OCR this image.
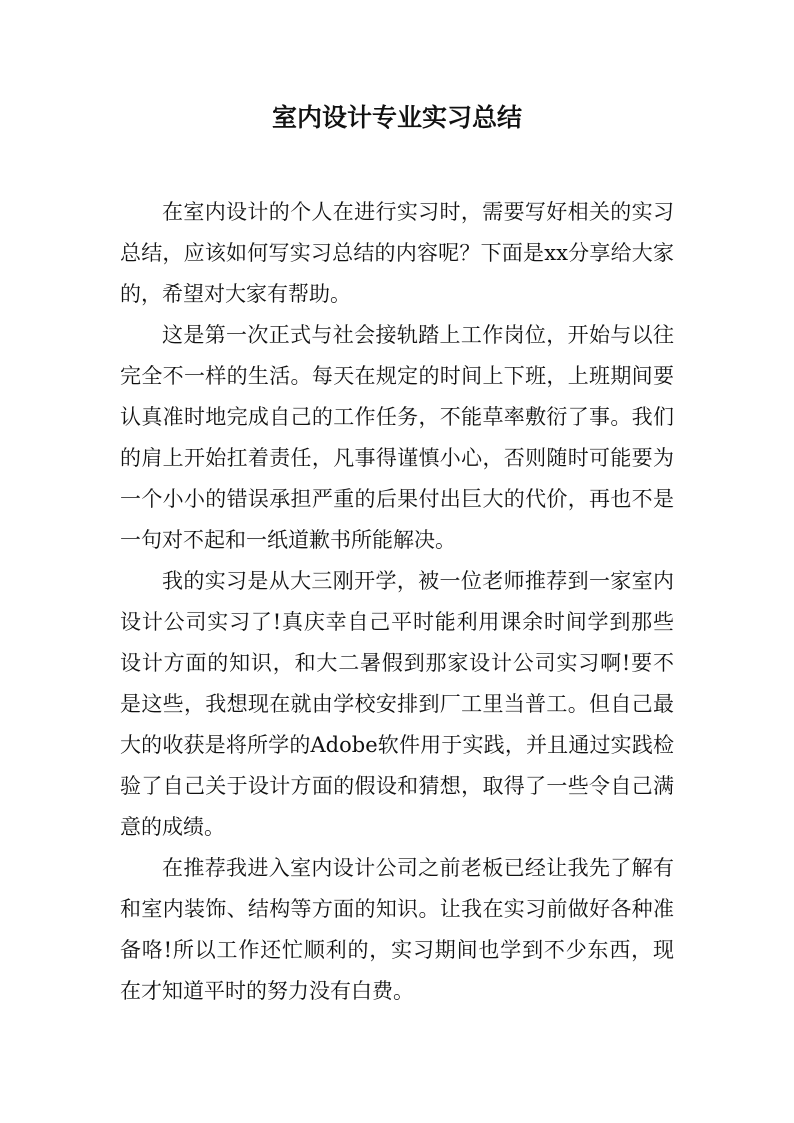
室内设计专业实习总结

在室内设计的个人在进行实习时，需要写好相关的实习总结，应该如何写实习总结的内容呢？下面是xx分享给大家的，希望对大家有帮助。

这是第一次正式与社会接轨踏上工作岗位，开始与以往完全不一样的生活。每天在规定的时间上下班，上班期间要认真准时地完成自己的工作任务，不能草率敷衍了事。我们的肩上开始扛着责任，凡事得谨慎小心，否则随时可能要为一个小小的错误承担严重的后果付出巨大的代价，再也不是一句对不起和一纸道歉书所能解决。

我的实习是从大三刚开学，被一位老师推荐到一家室内设计公司实习了!真庆幸自己平时能利用课余时间学到那些设计方面的知识，和大二暑假到那家设计公司实习啊!要不是这些，我想现在就由学校安排到厂工里当普工。但自己最大的收获是将所学的Adobe软件用于实践，并且通过实践检验了自己关于设计方面的假设和猜想，取得了一些令自己满意的成绩。

在推荐我进入室内设计公司之前老板已经让我先了解有和室内装饰、结构等方面的知识。让我在实习前做好各种准备咯!所以工作还忙顺利的，实习期间也学到不少东西，现在才知道平时的努力没有白费。
